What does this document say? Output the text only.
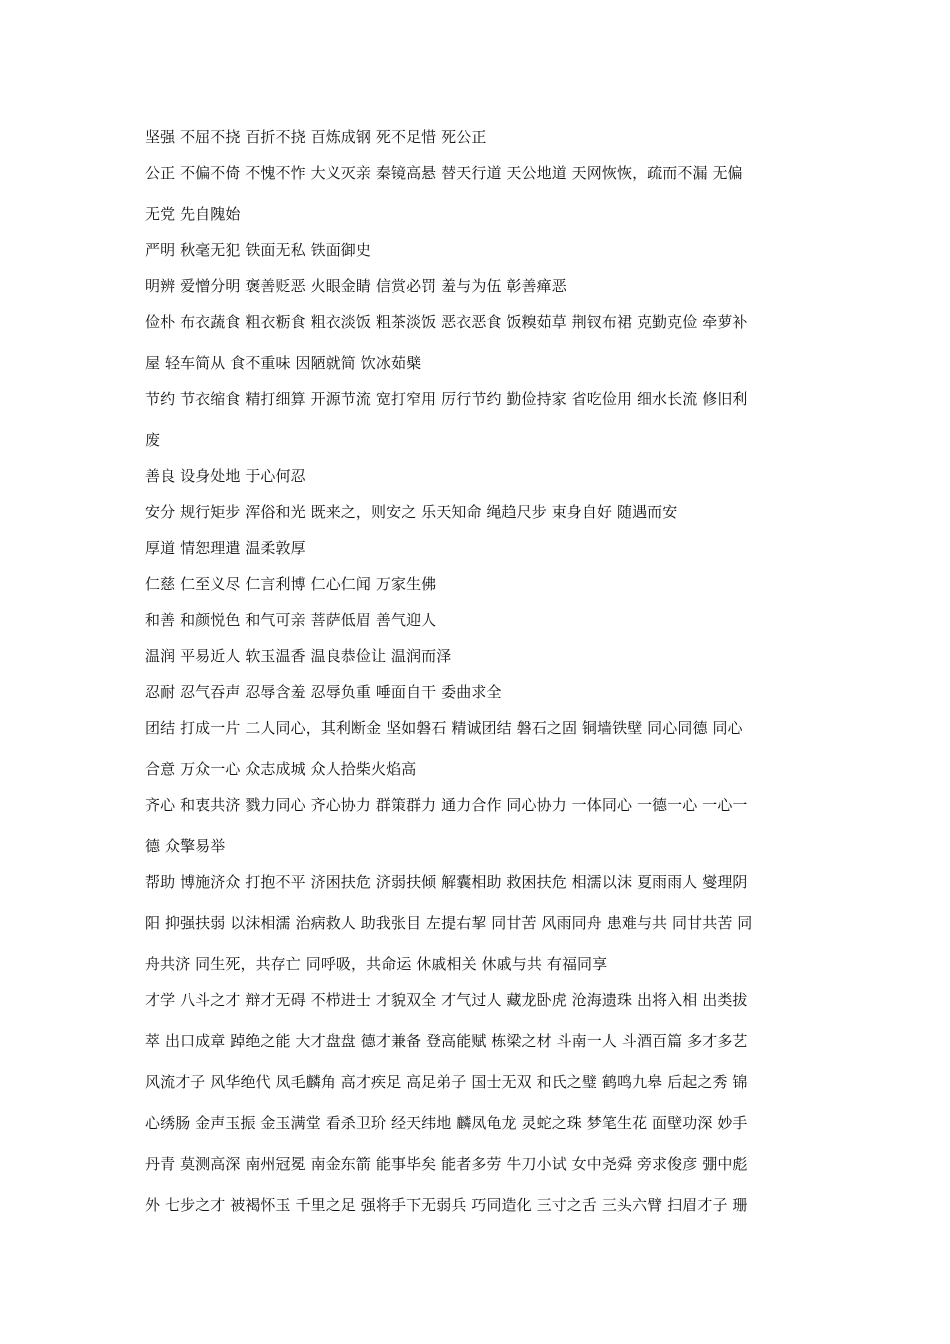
坚强 不屈不挠 百折不挠 百炼成钢 死不足惜 死公正

公正 不偏不倚 不愧不怍 大义灭亲 秦镜高悬 替天行道 天公地道 天网恢恢，疏而不漏 无偏

无党 先自隗始

严明 秋毫无犯 铁面无私 铁面御史

明辨 爱憎分明 褒善贬恶 火眼金睛 信赏必罚 羞与为伍 彰善瘅恶

俭朴 布衣蔬食 粗衣粝食 粗衣淡饭 粗茶淡饭 恶衣恶食 饭糗茹草 荆钗布裙 克勤克俭 牵萝补

屋 轻车简从 食不重味 因陋就简 饮冰茹檗

节约 节衣缩食 精打细算 开源节流 宽打窄用 厉行节约 勤俭持家 省吃俭用 细水长流 修旧利

废

善良 设身处地 于心何忍

安分 规行矩步 浑俗和光 既来之，则安之 乐天知命 绳趋尺步 束身自好 随遇而安

厚道 情恕理遣 温柔敦厚

仁慈 仁至义尽 仁言利博 仁心仁闻 万家生佛

和善 和颜悦色 和气可亲 菩萨低眉 善气迎人

温润 平易近人 软玉温香 温良恭俭让 温润而泽

忍耐 忍气吞声 忍辱含羞 忍辱负重 唾面自干 委曲求全

团结 打成一片 二人同心，其利断金 坚如磐石 精诚团结 磐石之固 铜墙铁壁 同心同德 同心

合意 万众一心 众志成城 众人拾柴火焰高

齐心 和衷共济 戮力同心 齐心协力 群策群力 通力合作 同心协力 一体同心 一德一心 一心一

德 众擎易举

帮助 博施济众 打抱不平 济困扶危 济弱扶倾 解囊相助 救困扶危 相濡以沫 夏雨雨人 燮理阴

阳 抑强扶弱 以沫相濡 治病救人 助我张目 左提右挈 同甘苦 风雨同舟 患难与共 同甘共苦 同

舟共济 同生死，共存亡 同呼吸，共命运 休戚相关 休戚与共 有福同享

才学 八斗之才 辩才无碍 不栉进士 才貌双全 才气过人 藏龙卧虎 沧海遗珠 出将入相 出类拔

萃 出口成章 踔绝之能 大才盘盘 德才兼备 登高能赋 栋梁之材 斗南一人 斗酒百篇 多才多艺

风流才子 风华绝代 凤毛麟角 高才疾足 高足弟子 国士无双 和氏之璧 鹤鸣九皋 后起之秀 锦

心绣肠 金声玉振 金玉满堂 看杀卫玠 经天纬地 麟凤龟龙 灵蛇之珠 梦笔生花 面壁功深 妙手

丹青 莫测高深 南州冠冕 南金东箭 能事毕矣 能者多劳 牛刀小试 女中尧舜 旁求俊彦 弸中彪

外 七步之才 被褐怀玉 千里之足 强将手下无弱兵 巧同造化 三寸之舌 三头六臂 扫眉才子 珊
